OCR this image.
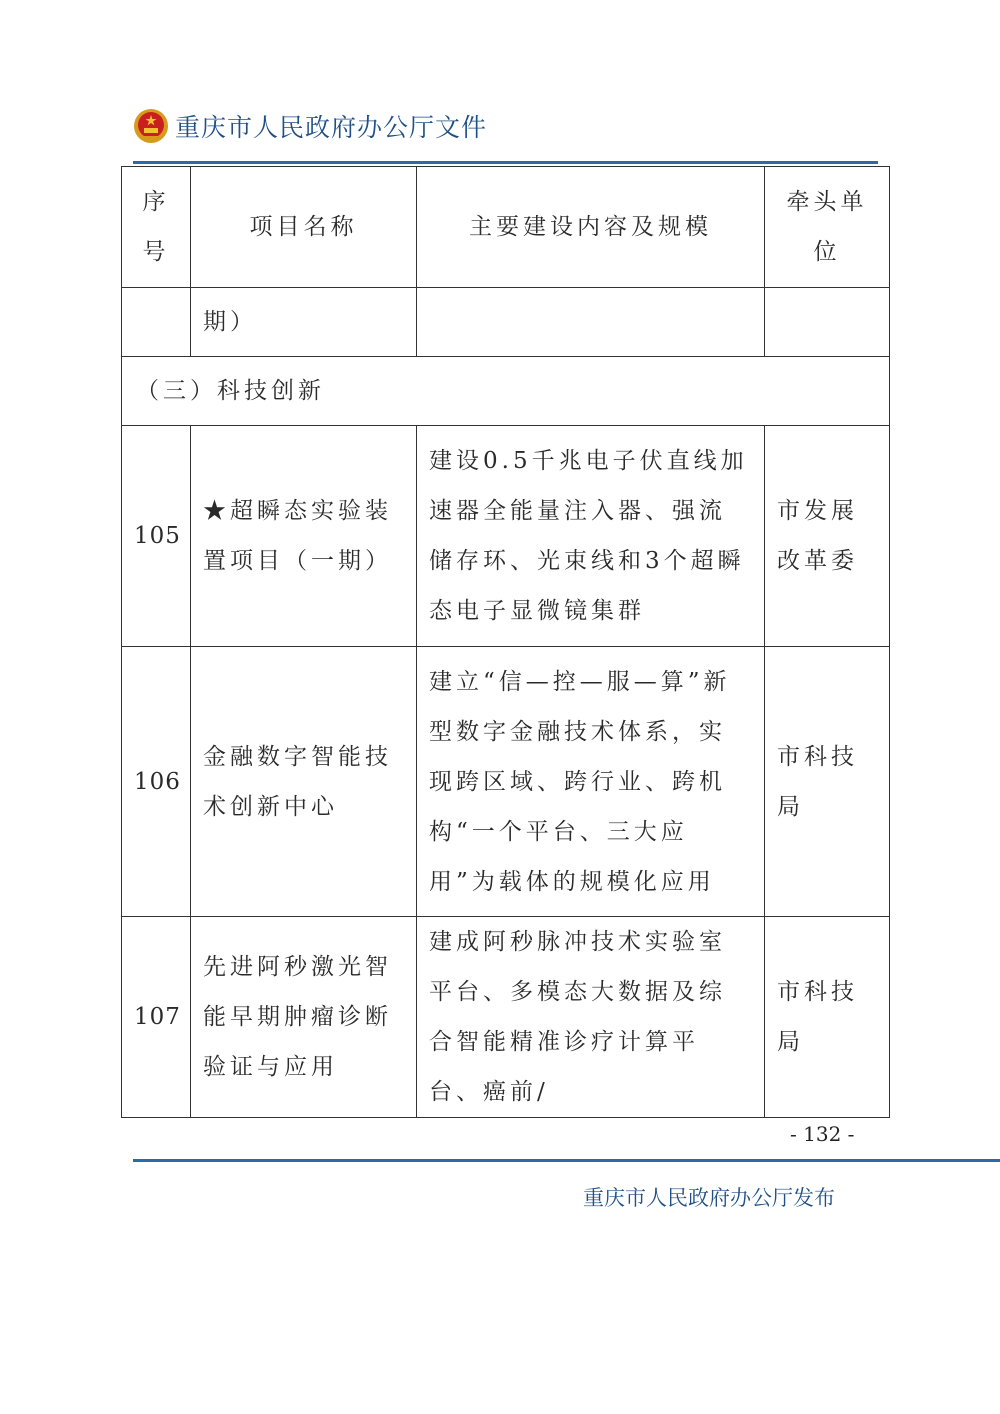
重庆市人民政府办公厅文件
序号	项目名称	主要建设内容及规模	牵头单位
	期）		
（三）科技创新			
105	★超瞬态实验装置项目（一期）	建设0.5千兆电子伏直线加速器全能量注入器、强流储存环、光束线和3个超瞬态电子显微镜集群	市发展改革委
106	金融数字智能技术创新中心	建立“信—控—服—算”新型数字金融技术体系，实现跨区域、跨行业、跨机构“一个平台、三大应用”为载体的规模化应用	市科技局
107	先进阿秒激光智能早期肿瘤诊断验证与应用	建成阿秒脉冲技术实验室平台、多模态大数据及综合智能精准诊疗计算平台、癌前/	市科技局
- 132 -
重庆市人民政府办公厅发布
